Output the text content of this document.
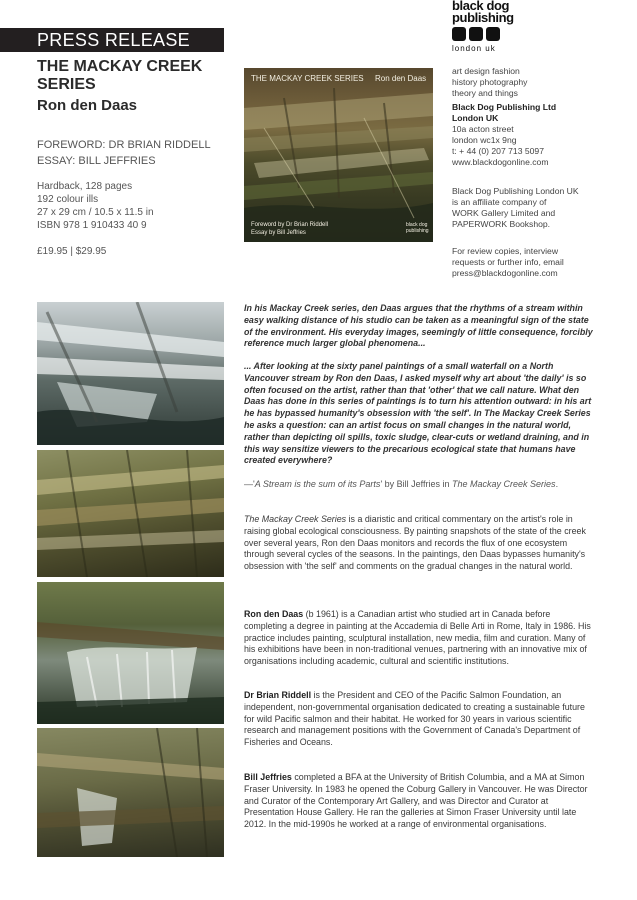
PRESS RELEASE
THE MACKAY CREEK SERIES
Ron den Daas
FOREWORD: DR BRIAN RIDDELL
ESSAY: BILL JEFFRIES
Hardback, 128 pages
192 colour ills
27 x 29 cm / 10.5 x 11.5 in
ISBN 978 1 910433 40 9
£19.95 | $29.95
THE MACKAY CREEK SERIES Ron den Daas
Foreword by Dr Brian Riddell
Essay by Bill Jeffries
black dog
publishing
black dog
publishing
london uk
art design fashion
history photography
theory and things
Black Dog Publishing Ltd
London UK
10a acton street
london wc1x 9ng
t: + 44 (0) 207 713 5097
www.blackdogonline.com
Black Dog Publishing London UK
is an affiliate company of
WORK Gallery Limited and
PAPERWORK Bookshop.
For review copies, interview
requests or further info, email
press@blackdogonline.com
In his Mackay Creek series, den Daas argues that the rhythms of a stream within easy walking distance of his studio can be taken as a meaningful sign of the state of the environment. His everyday images, seemingly of little consequence, forcibly reference much larger global phenomena...
... After looking at the sixty panel paintings of a small waterfall on a North Vancouver stream by Ron den Daas, I asked myself why art about 'the daily' is so often focused on the artist, rather than that 'other' that we call nature. What den Daas has done in this series of paintings is to turn his attention outward: in his art he has bypassed humanity's obsession with 'the self'. In The Mackay Creek Series he asks a question: can an artist focus on small changes in the natural world, rather than depicting oil spills, toxic sludge, clear-cuts or wetland draining, and in this way sensitize viewers to the precarious ecological state that humans have created everywhere?
—'A Stream is the sum of its Parts' by Bill Jeffries in The Mackay Creek Series.
The Mackay Creek Series is a diaristic and critical commentary on the artist's role in raising global ecological consciousness. By painting snapshots of the state of the creek over several years, Ron den Daas monitors and records the flux of one ecosystem through several cycles of the seasons. In the paintings, den Daas bypasses humanity's obsession with 'the self' and comments on the gradual changes in the natural world.
Ron den Daas (b 1961) is a Canadian artist who studied art in Canada before completing a degree in painting at the Accademia di Belle Arti in Rome, Italy in 1986. His practice includes painting, sculptural installation, new media, film and curation. Many of his exhibitions have been in non-traditional venues, partnering with an innovative mix of organisations including academic, cultural and scientific institutions.
Dr Brian Riddell is the President and CEO of the Pacific Salmon Foundation, an independent, non-governmental organisation dedicated to creating a sustainable future for wild Pacific salmon and their habitat. He worked for 30 years in various scientific research and management positions with the Government of Canada's Department of Fisheries and Oceans.
Bill Jeffries completed a BFA at the University of British Columbia, and a MA at Simon Fraser University. In 1983 he opened the Coburg Gallery in Vancouver. He was Director and Curator of the Contemporary Art Gallery, and was Director and Curator at Presentation House Gallery. He ran the galleries at Simon Fraser University until late 2012. In the mid-1990s he worked at a range of environmental organisations.
